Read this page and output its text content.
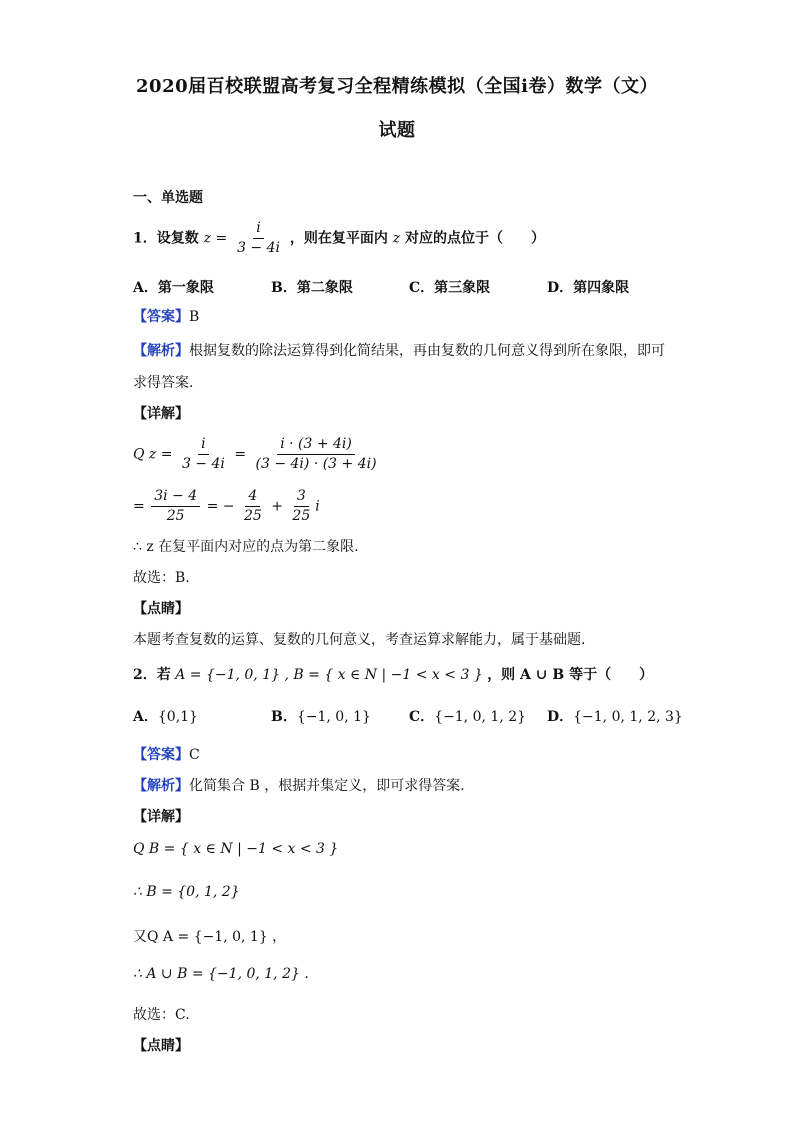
2020届百校联盟高考复习全程精练模拟（全国i卷）数学（文）
试题
一、单选题
1．设复数 $z = \frac{i}{3 - 4i}$ ，则在复平面内 z 对应的点位于（　　）
A．第一象限	B．第二象限	C．第三象限	D．第四象限
【答案】B
【解析】根据复数的除法运算得到化简结果，再由复数的几何意义得到所在象限，即可
求得答案.
【详解】
Q $z = \frac{i}{3 - 4i} = \frac{i \cdot (3 + 4i)}{(3 - 4i) \cdot (3 + 4i)}$
= $\frac{3i - 4}{25}$ = − $\frac{4}{25} + \frac{3}{25}$ i
∴ z 在复平面内对应的点为第二象限.
故选：B.
【点睛】
本题考查复数的运算、复数的几何意义，考查运算求解能力，属于基础题.
2．若 A = {−1, 0, 1} , B = { x ∈ N | −1 < x < 3 } ，则 A ∪ B 等于（　　）
A．{0,1}	B．{−1, 0, 1}	C．{−1, 0, 1, 2} D．{−1, 0, 1, 2, 3}
【答案】C
【解析】化简集合 B ，根据并集定义，即可求得答案.
【详解】
Q B = { x ∈ N | −1 < x < 3 }
∴ B = {0, 1, 2}
又Q A = {−1, 0, 1} ，
∴ A ∪ B = {−1, 0, 1, 2} .
故选：C.
【点睛】
